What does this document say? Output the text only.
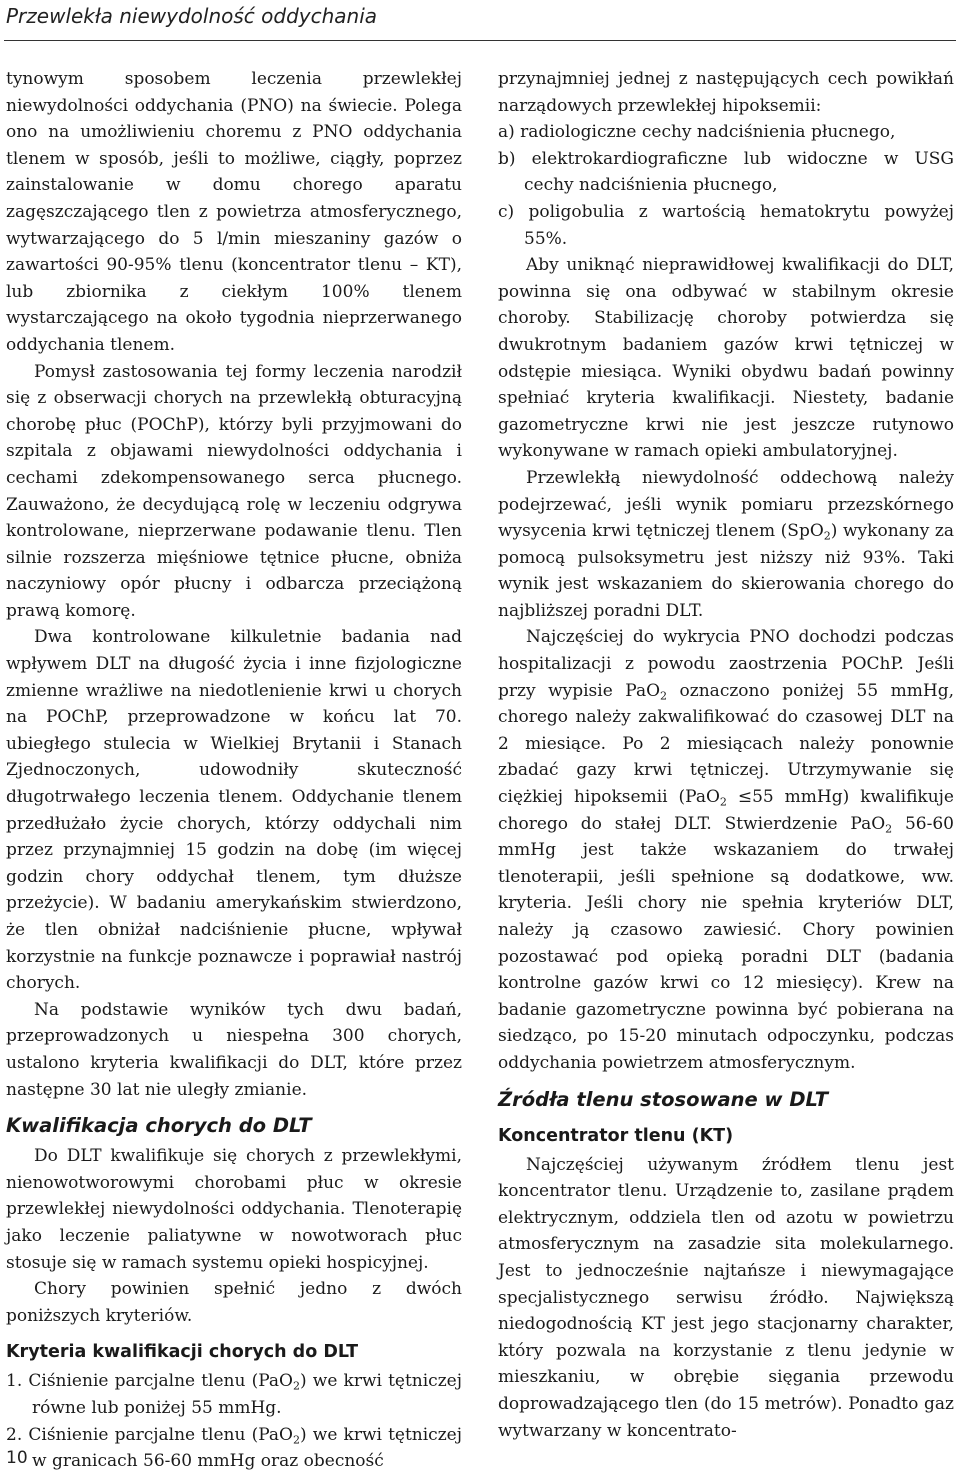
Przewlekła niewydolność oddychania

tynowym sposobem leczenia przewlekłej niewydolności oddychania (PNO) na świecie. Polega ono na umożliwieniu choremu z PNO oddychania tlenem w sposób, jeśli to możliwe, ciągły, poprzez zainstalowanie w domu chorego aparatu zagęszczającego tlen z powietrza atmosferycznego, wytwarzającego do 5 l/min mieszaniny gazów o zawartości 90-95% tlenu (koncentrator tlenu – KT), lub zbiornika z ciekłym 100% tlenem wystarczającego na około tygodnia nieprzerwanego oddychania tlenem.

Pomysł zastosowania tej formy leczenia narodził się z obserwacji chorych na przewlekłą obturacyjną chorobę płuc (POChP), którzy byli przyjmowani do szpitala z objawami niewydolności oddychania i cechami zdekompensowanego serca płucnego. Zauważono, że decydującą rolę w leczeniu odgrywa kontrolowane, nieprzerwane podawanie tlenu. Tlen silnie rozszerza mięśniowe tętnice płucne, obniża naczyniowy opór płucny i odbarcza przeciążoną prawą komorę.

Dwa kontrolowane kilkuletnie badania nad wpływem DLT na długość życia i inne fizjologiczne zmienne wrażliwe na niedotlenienie krwi u chorych na POChP, przeprowadzone w końcu lat 70. ubiegłego stulecia w Wielkiej Brytanii i Stanach Zjednoczonych, udowodniły skuteczność długotrwałego leczenia tlenem. Oddychanie tlenem przedłużało życie chorych, którzy oddychali nim przez przynajmniej 15 godzin na dobę (im więcej godzin chory oddychał tlenem, tym dłuższe przeżycie). W badaniu amerykańskim stwierdzono, że tlen obniżał nadciśnienie płucne, wpływał korzystnie na funkcje poznawcze i poprawiał nastrój chorych.

Na podstawie wyników tych dwu badań, przeprowadzonych u niespełna 300 chorych, ustalono kryteria kwalifikacji do DLT, które przez następne 30 lat nie uległy zmianie.

Kwalifikacja chorych do DLT

Do DLT kwalifikuje się chorych z przewlekłymi, nienowotworowymi chorobami płuc w okresie przewlekłej niewydolności oddychania. Tlenoterapię jako leczenie paliatywne w nowotworach płuc stosuje się w ramach systemu opieki hospicyjnej.

Chory powinien spełnić jedno z dwóch poniższych kryteriów.

Kryteria kwalifikacji chorych do DLT
1. Ciśnienie parcjalne tlenu (PaO$_2$) we krwi tętniczej równe lub poniżej 55 mmHg.
2. Ciśnienie parcjalne tlenu (PaO$_2$) we krwi tętniczej w granicach 56-60 mmHg oraz obecność

przynajmniej jednej z następujących cech powikłań narządowych przewlekłej hipoksemii:

a) radiologiczne cechy nadciśnienia płucnego,
b) elektrokardiograficzne lub widoczne w USG cechy nadciśnienia płucnego,
c) poligobulia z wartością hematokrytu powyżej 55%.

Aby uniknąć nieprawidłowej kwalifikacji do DLT, powinna się ona odbywać w stabilnym okresie choroby. Stabilizację choroby potwierdza się dwukrotnym badaniem gazów krwi tętniczej w odstępie miesiąca. Wyniki obydwu badań powinny spełniać kryteria kwalifikacji. Niestety, badanie gazometryczne krwi nie jest jeszcze rutynowo wykonywane w ramach opieki ambulatoryjnej.

Przewlekłą niewydolność oddechową należy podejrzewać, jeśli wynik pomiaru przezskórnego wysycenia krwi tętniczej tlenem (SpO$_2$) wykonany za pomocą pulsoksymetru jest niższy niż 93%. Taki wynik jest wskazaniem do skierowania chorego do najbliższej poradni DLT.

Najczęściej do wykrycia PNO dochodzi podczas hospitalizacji z powodu zaostrzenia POChP. Jeśli przy wypisie PaO$_2$ oznaczono poniżej 55 mmHg, chorego należy zakwalifikować do czasowej DLT na 2 miesiące. Po 2 miesiącach należy ponownie zbadać gazy krwi tętniczej. Utrzymywanie się ciężkiej hipoksemii (PaO$_2$ ≤55 mmHg) kwalifikuje chorego do stałej DLT. Stwierdzenie PaO$_2$ 56-60 mmHg jest także wskazaniem do trwałej tlenoterapii, jeśli spełnione są dodatkowe, ww. kryteria. Jeśli chory nie spełnia kryteriów DLT, należy ją czasowo zawiesić. Chory powinien pozostawać pod opieką poradni DLT (badania kontrolne gazów krwi co 12 miesięcy). Krew na badanie gazometryczne powinna być pobierana na siedząco, po 15-20 minutach odpoczynku, podczas oddychania powietrzem atmosferycznym.

Źródła tlenu stosowane w DLT
Koncentrator tlenu (KT)

Najczęściej używanym źródłem tlenu jest koncentrator tlenu. Urządzenie to, zasilane prądem elektrycznym, oddziela tlen od azotu w powietrzu atmosferycznym na zasadzie sita molekularnego. Jest to jednocześnie najtańsze i niewymagające specjalistycznego serwisu źródło. Największą niedogodnością KT jest jego stacjonarny charakter, który pozwala na korzystanie z tlenu jedynie w mieszkaniu, w obrębie sięgania przewodu doprowadzającego tlen (do 15 metrów). Ponadto gaz wytwarzany w koncentrato-

10
